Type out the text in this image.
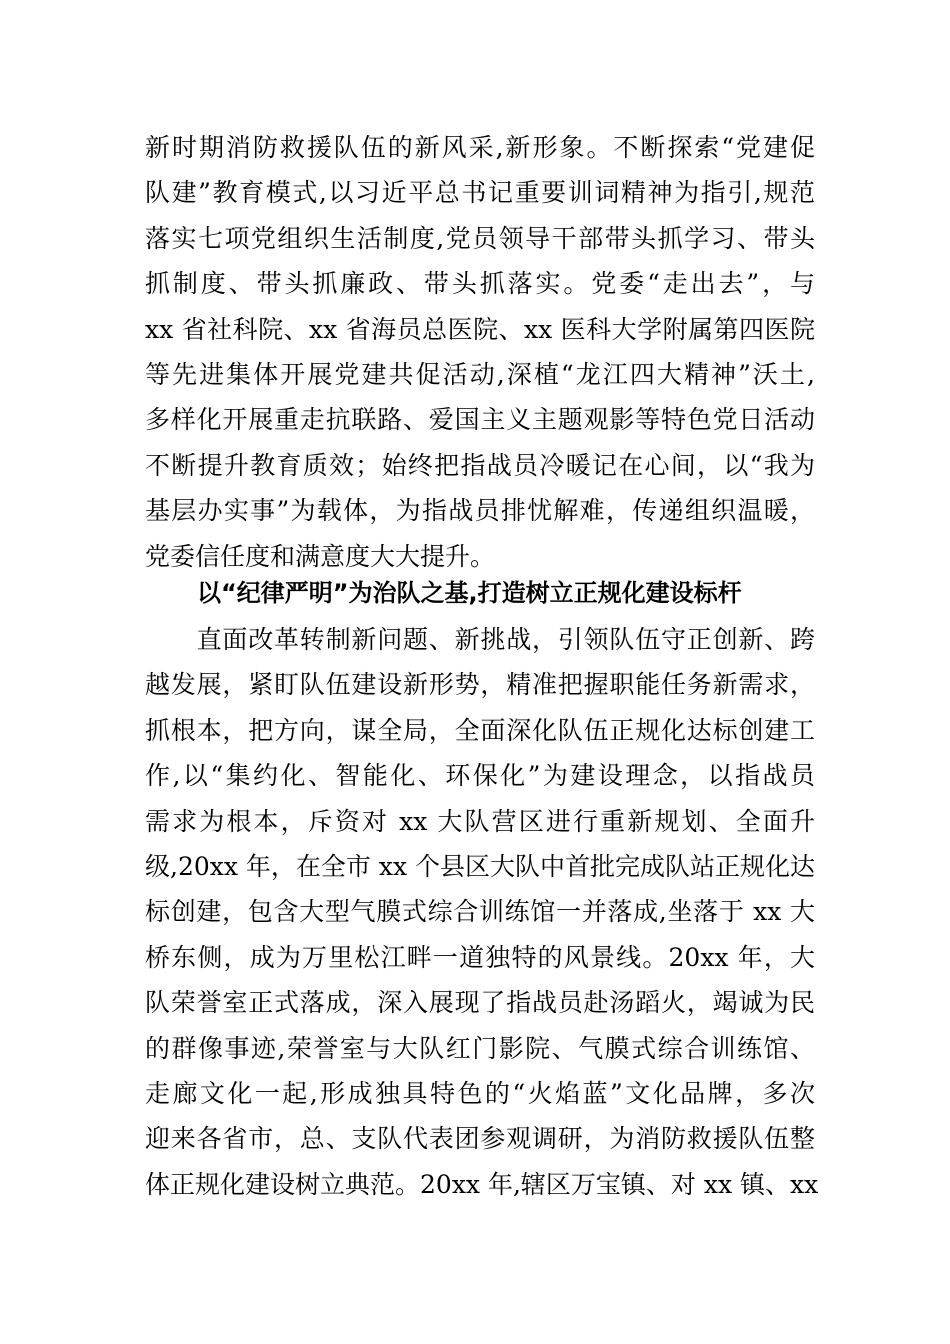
新时期消防救援队伍的新风采,新形象。不断探索“党建促
队建”教育模式,以习近平总书记重要训词精神为指引,规范
落实七项党组织生活制度,党员领导干部带头抓学习、带头
抓制度、带头抓廉政、带头抓落实。党委“走出去”，与
xx 省社科院、xx 省海员总医院、xx 医科大学附属第四医院
等先进集体开展党建共促活动,深植“龙江四大精神”沃土,
多样化开展重走抗联路、爱国主义主题观影等特色党日活动
不断提升教育质效；始终把指战员冷暖记在心间，以“我为
基层办实事”为载体，为指战员排忧解难，传递组织温暖，
党委信任度和满意度大大提升。
以“纪律严明”为治队之基,打造树立正规化建设标杆
　　直面改革转制新问题、新挑战，引领队伍守正创新、跨
越发展，紧盯队伍建设新形势，精准把握职能任务新需求，
抓根本，把方向，谋全局，全面深化队伍正规化达标创建工
作,以“集约化、智能化、环保化”为建设理念，以指战员
需求为根本，斥资对 xx 大队营区进行重新规划、全面升
级,20xx 年，在全市 xx 个县区大队中首批完成队站正规化达
标创建，包含大型气膜式综合训练馆一并落成,坐落于 xx 大
桥东侧，成为万里松江畔一道独特的风景线。20xx 年，大
队荣誉室正式落成，深入展现了指战员赴汤蹈火，竭诚为民
的群像事迹,荣誉室与大队红门影院、气膜式综合训练馆、
走廊文化一起,形成独具特色的“火焰蓝”文化品牌，多次
迎来各省市，总、支队代表团参观调研，为消防救援队伍整
体正规化建设树立典范。20xx 年,辖区万宝镇、对 xx 镇、xx
